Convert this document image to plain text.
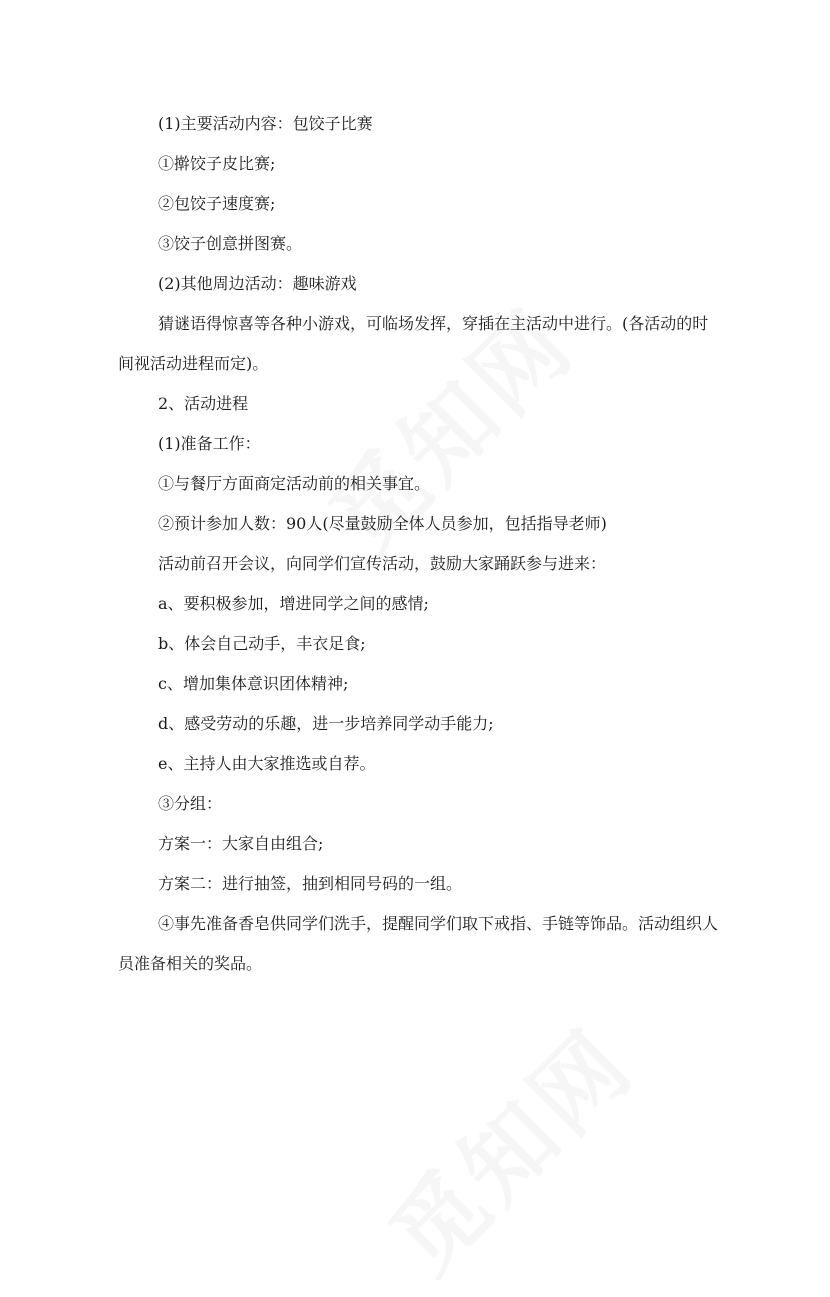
(1)主要活动内容：包饺子比赛

①擀饺子皮比赛;

②包饺子速度赛;

③饺子创意拼图赛。

(2)其他周边活动：趣味游戏

猜谜语得惊喜等各种小游戏，可临场发挥，穿插在主活动中进行。(各活动的时间视活动进程而定)。

2、活动进程

(1)准备工作：

①与餐厅方面商定活动前的相关事宜。

②预计参加人数：90人(尽量鼓励全体人员参加，包括指导老师)

活动前召开会议，向同学们宣传活动，鼓励大家踊跃参与进来：

a、要积极参加，增进同学之间的感情;

b、体会自己动手，丰衣足食;

c、增加集体意识团体精神;

d、感受劳动的乐趣，进一步培养同学动手能力;

e、主持人由大家推选或自荐。

③分组：

方案一：大家自由组合;

方案二：进行抽签，抽到相同号码的一组。

④事先准备香皂供同学们洗手，提醒同学们取下戒指、手链等饰品。活动组织人员准备相关的奖品。
